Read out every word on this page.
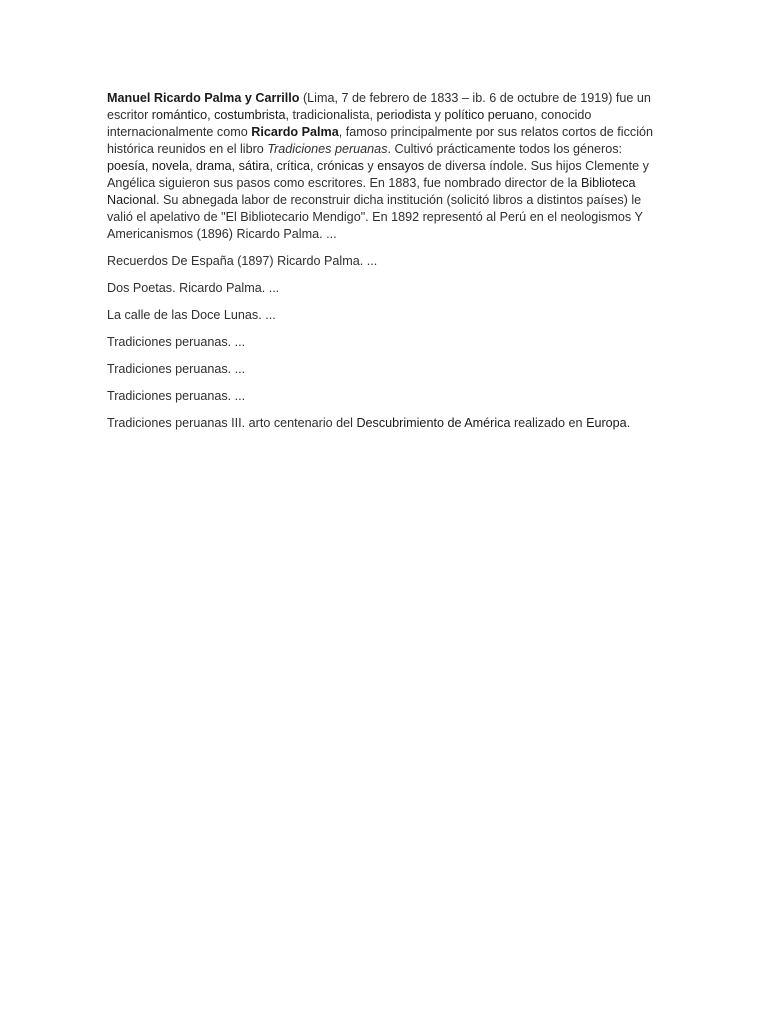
Manuel Ricardo Palma y Carrillo (Lima, 7 de febrero de 1833 – ib. 6 de octubre de 1919) fue un escritor romántico, costumbrista, tradicionalista, periodista y político peruano, conocido internacionalmente como Ricardo Palma, famoso principalmente por sus relatos cortos de ficción histórica reunidos en el libro Tradiciones peruanas. Cultivó prácticamente todos los géneros: poesía, novela, drama, sátira, crítica, crónicas y ensayos de diversa índole. Sus hijos Clemente y Angélica siguieron sus pasos como escritores. En 1883, fue nombrado director de la Biblioteca Nacional. Su abnegada labor de reconstruir dicha institución (solicitó libros a distintos países) le valió el apelativo de "El Bibliotecario Mendigo". En 1892 representó al Perú en el neologismos Y Americanismos (1896) Ricardo Palma. ...

Recuerdos De España (1897) Ricardo Palma. ...

Dos Poetas. Ricardo Palma. ...

La calle de las Doce Lunas. ...

Tradiciones peruanas. ...

Tradiciones peruanas. ...

Tradiciones peruanas. ...

Tradiciones peruanas III. arto centenario del Descubrimiento de América realizado en Europa.
